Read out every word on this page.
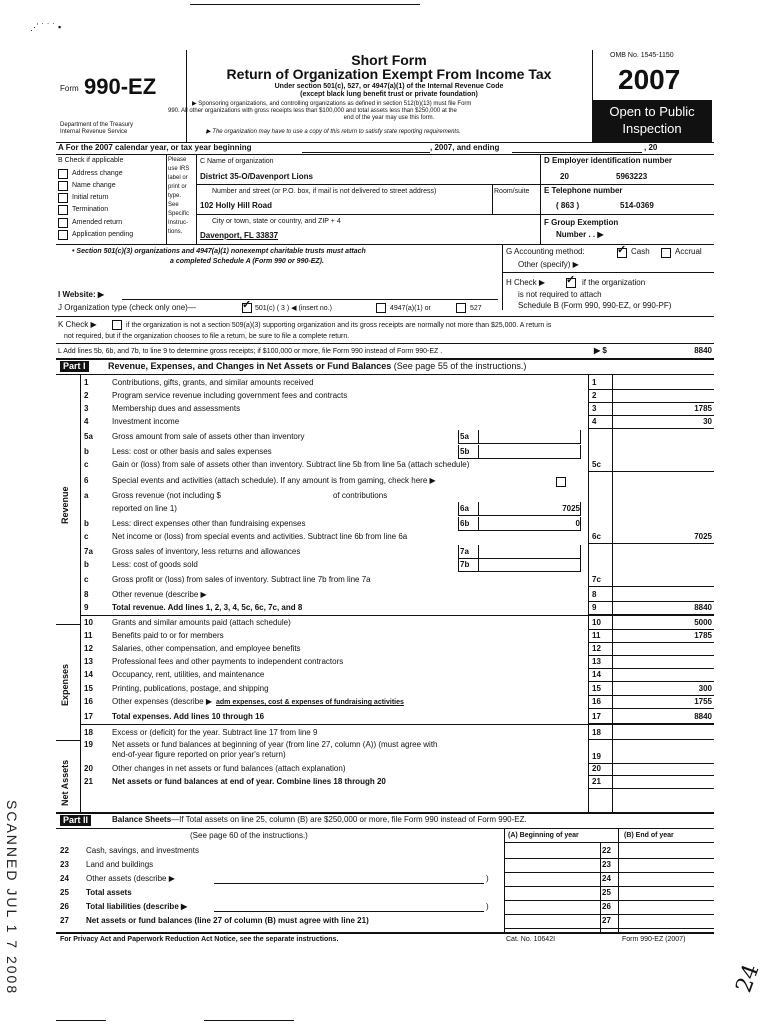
Form 990-EZ
Department of the Treasury
Internal Revenue Service
Short Form
Return of Organization Exempt From Income Tax
Under section 501(c), 527, or 4947(a)(1) of the Internal Revenue Code
(except black lung benefit trust or private foundation)
▶ Sponsoring organizations, and controlling organizations as defined in section 512(b)(13) must file Form
990. All other organizations with gross receipts less than $100,000 and total assets less than $250,000 at the
end of the year may use this form.
▶ The organization may have to use a copy of this return to satisfy state reporting requirements.
OMB No. 1545-1150
2007
Open to Public
Inspection
A For the 2007 calendar year, or tax year beginning	, 2007, and ending	, 20
B Check if applicable
Address change
Name change
Initial return
Termination
Amended return
Application pending
Please
use IRS
label or
print or
type.
See
Specific
Instruc-
tions.
C Name of organization
District 35-O/Davenport Lions
Number and street (or P.O. box, if mail is not delivered to street address)	Room/suite
102 Holly Hill Road
City or town, state or country, and ZIP + 4
Davenport, FL 33837
D Employer identification number
20	5963223
E Telephone number
( 863 )	514-0369
F Group Exemption
Number . . ▶
• Section 501(c)(3) organizations and 4947(a)(1) nonexempt charitable trusts must attach
a completed Schedule A (Form 990 or 990-EZ).
G Accounting method:	✓ Cash	Accrual
Other (specify) ▶
H Check ▶ ✓ if the organization
is not required to attach
Schedule B (Form 990, 990-EZ, or 990-PF)
I Website: ▶
J Organization type (check only one)—	✓ 501(c) ( 3 ) ◀ (insert no.)	4947(a)(1) or	527
K Check ▶	if the organization is not a section 509(a)(3) supporting organization and its gross receipts are normally not more than $25,000. A return is
not required, but if the organization chooses to file a return, be sure to file a complete return.
L Add lines 5b, 6b, and 7b, to line 9 to determine gross receipts; if $100,000 or more, file Form 990 instead of Form 990-EZ .	▶ $	8840
Part I	Revenue, Expenses, and Changes in Net Assets or Fund Balances (See page 55 of the instructions.)
Revenue
Expenses
Net Assets
1	Contributions, gifts, grants, and similar amounts received	1
2	Program service revenue including government fees and contracts	2
3	Membership dues and assessments	3	1785
4	Investment income	4	30
5a	Gross amount from sale of assets other than inventory	5a
b	Less: cost or other basis and sales expenses	5b
c	Gain or (loss) from sale of assets other than inventory. Subtract line 5b from line 5a (attach schedule)	5c
6	Special events and activities (attach schedule). If any amount is from gaming, check here ▶
a	Gross revenue (not including $	of contributions
reported on line 1)	6a	7025
b	Less: direct expenses other than fundraising expenses	6b	0
c	Net income or (loss) from special events and activities. Subtract line 6b from line 6a	6c	7025
7a	Gross sales of inventory, less returns and allowances	7a
b	Less: cost of goods sold	7b
c	Gross profit or (loss) from sales of inventory. Subtract line 7b from line 7a	7c
8	Other revenue (describe ▶	8
9	Total revenue. Add lines 1, 2, 3, 4, 5c, 6c, 7c, and 8	9	8840
10	Grants and similar amounts paid (attach schedule)	10	5000
11	Benefits paid to or for members	11	1785
12	Salaries, other compensation, and employee benefits	12
13	Professional fees and other payments to independent contractors	13
14	Occupancy, rent, utilities, and maintenance	14
15	Printing, publications, postage, and shipping	15	300
16	Other expenses (describe ▶ adm expenses, cost & expenses of fundraising activities	16	1755
17	Total expenses. Add lines 10 through 16	17	8840
18	Excess or (deficit) for the year. Subtract line 17 from line 9	18
19	Net assets or fund balances at beginning of year (from line 27, column (A)) (must agree with
end-of-year figure reported on prior year's return)	19
20	Other changes in net assets or fund balances (attach explanation)	20
21	Net assets or fund balances at end of year. Combine lines 18 through 20	21
Part II	Balance Sheets—If Total assets on line 25, column (B) are $250,000 or more, file Form 990 instead of Form 990-EZ.
(See page 60 of the instructions.)	(A) Beginning of year	(B) End of year
22 Cash, savings, and investments	22
23 Land and buildings	23
24 Other assets (describe ▶	24
)
25 Total assets	25
26 Total liabilities (describe ▶	26
)
27 Net assets or fund balances (line 27 of column (B) must agree with line 21)	27
For Privacy Act and Paperwork Reduction Act Notice, see the separate instructions.	Cat. No. 10642I	Form 990-EZ (2007)
SCANNED JUL 1 7 2008	24
⋰ ˙ ˙ ˙ ▪
